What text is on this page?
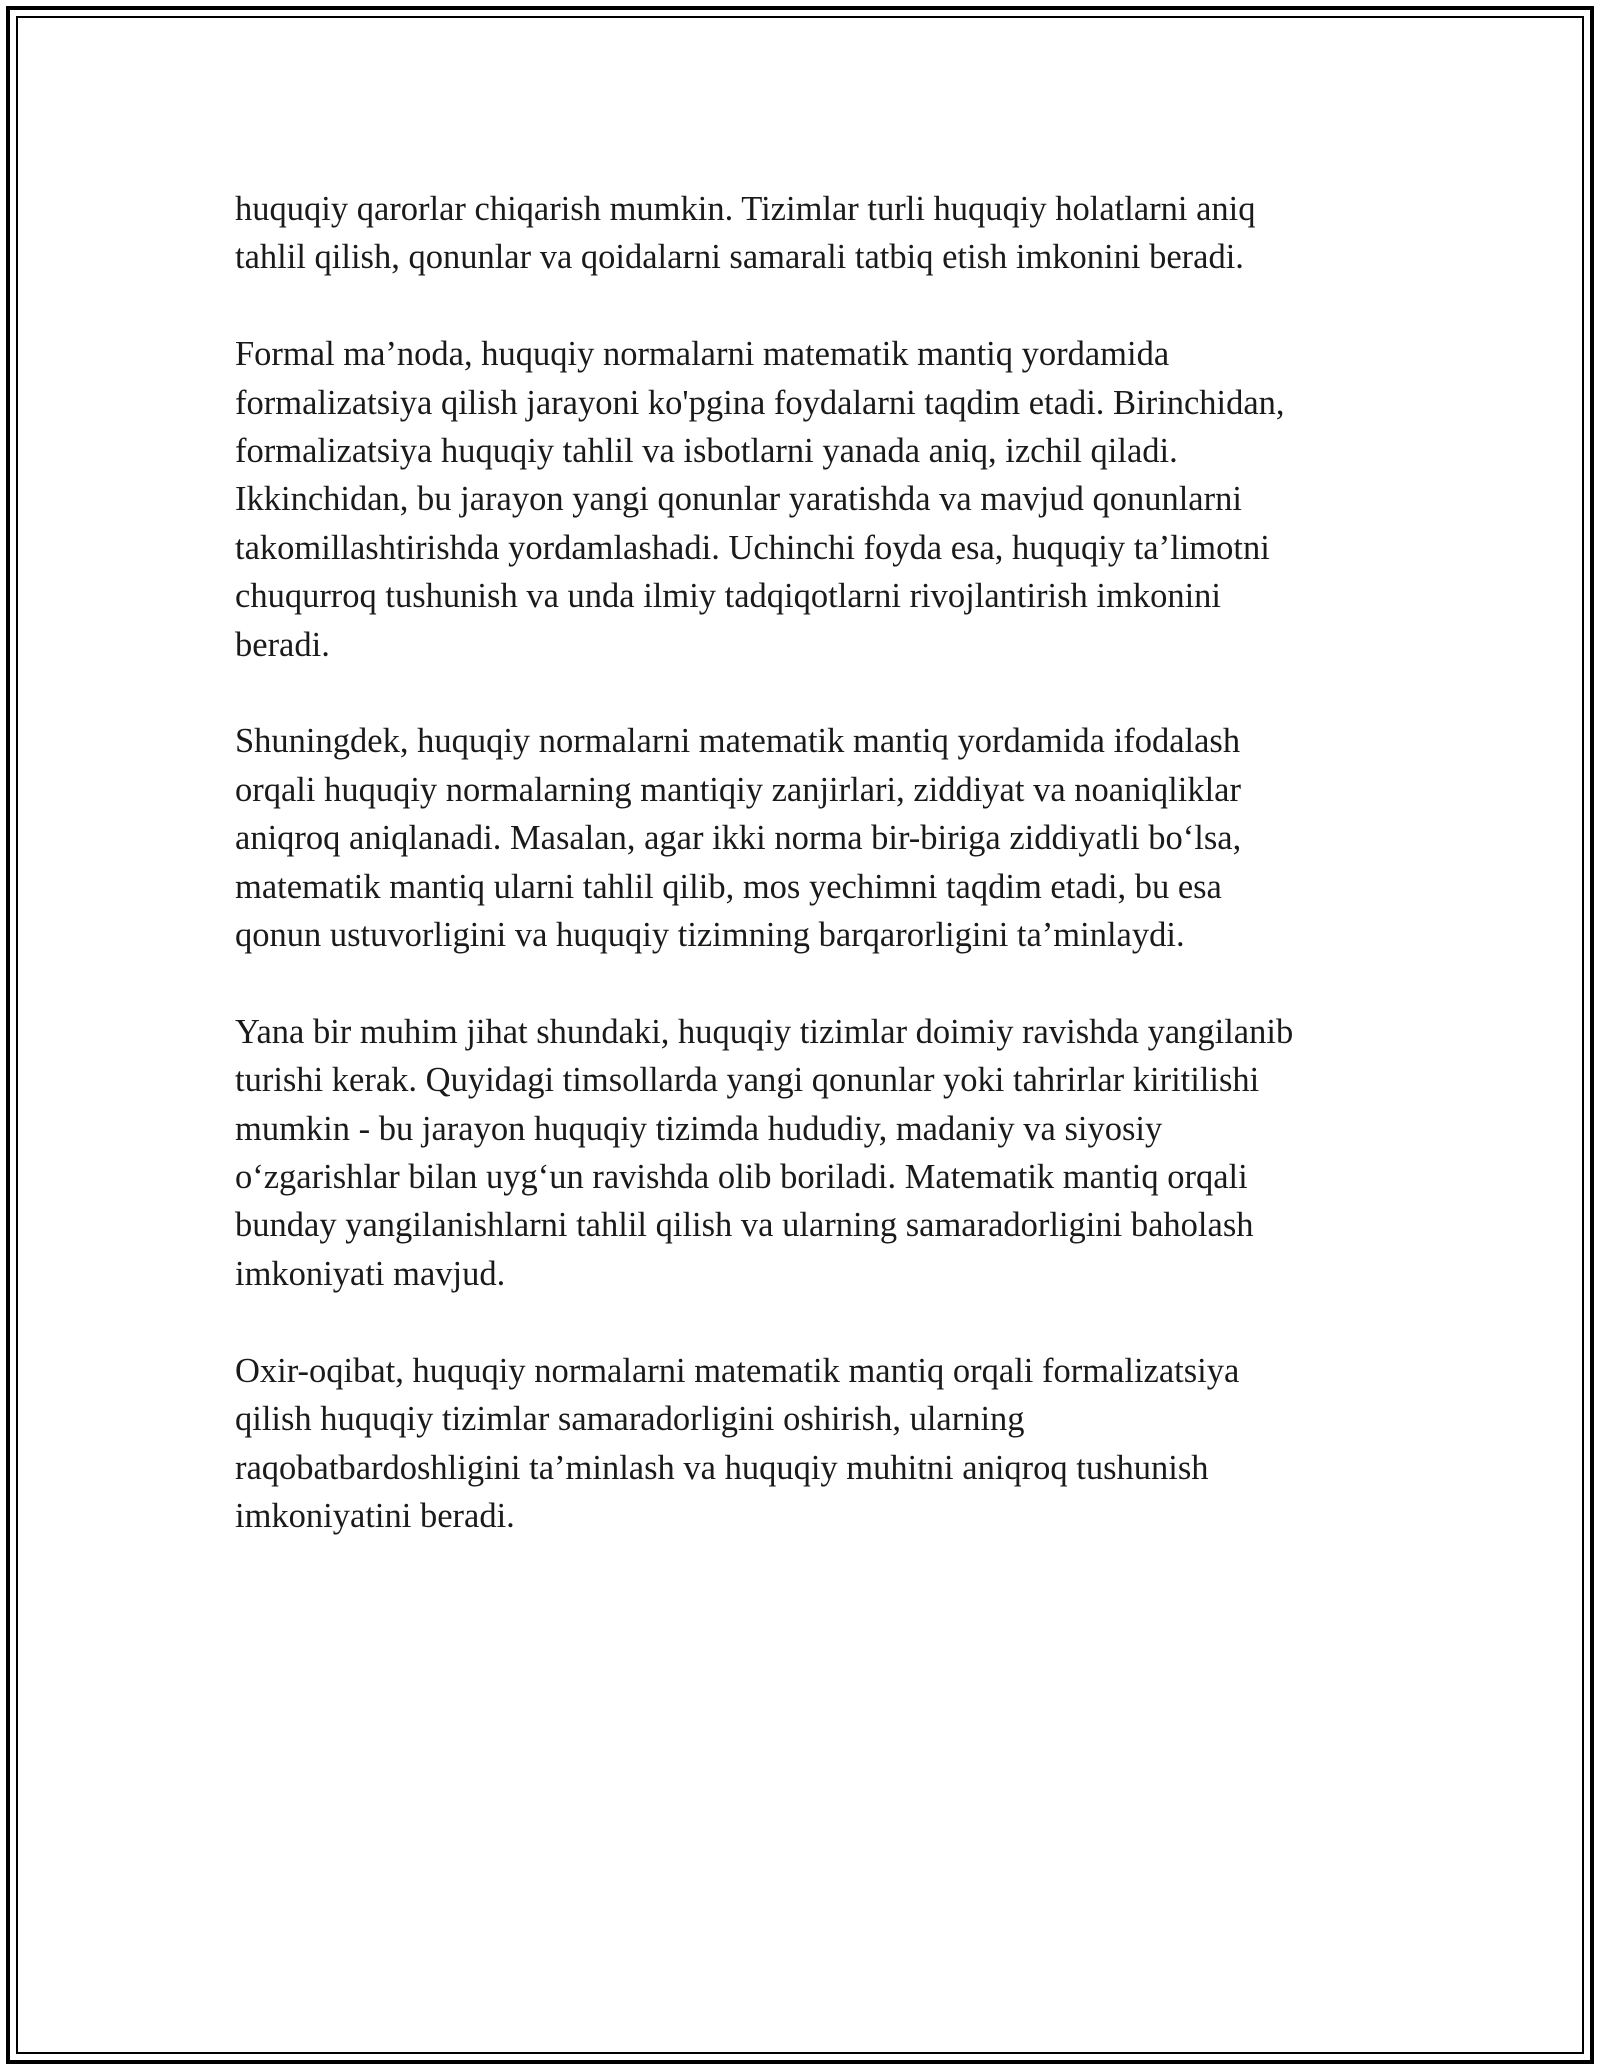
huquqiy qarorlar chiqarish mumkin. Tizimlar turli huquqiy holatlarni aniq
tahlil qilish, qonunlar va qoidalarni samarali tatbiq etish imkonini beradi.

Formal ma’noda, huquqiy normalarni matematik mantiq yordamida
formalizatsiya qilish jarayoni ko'pgina foydalarni taqdim etadi. Birinchidan,
formalizatsiya huquqiy tahlil va isbotlarni yanada aniq, izchil qiladi.
Ikkinchidan, bu jarayon yangi qonunlar yaratishda va mavjud qonunlarni
takomillashtirishda yordamlashadi. Uchinchi foyda esa, huquqiy ta’limotni
chuqurroq tushunish va unda ilmiy tadqiqotlarni rivojlantirish imkonini
beradi.

Shuningdek, huquqiy normalarni matematik mantiq yordamida ifodalash
orqali huquqiy normalarning mantiqiy zanjirlari, ziddiyat va noaniqliklar
aniqroq aniqlanadi. Masalan, agar ikki norma bir-biriga ziddiyatli bo‘lsa,
matematik mantiq ularni tahlil qilib, mos yechimni taqdim etadi, bu esa
qonun ustuvorligini va huquqiy tizimning barqarorligini ta’minlaydi.

Yana bir muhim jihat shundaki, huquqiy tizimlar doimiy ravishda yangilanib
turishi kerak. Quyidagi timsollarda yangi qonunlar yoki tahrirlar kiritilishi
mumkin - bu jarayon huquqiy tizimda hududiy, madaniy va siyosiy
o‘zgarishlar bilan uyg‘un ravishda olib boriladi. Matematik mantiq orqali
bunday yangilanishlarni tahlil qilish va ularning samaradorligini baholash
imkoniyati mavjud.

Oxir-oqibat, huquqiy normalarni matematik mantiq orqali formalizatsiya
qilish huquqiy tizimlar samaradorligini oshirish, ularning
raqobatbardoshligini ta’minlash va huquqiy muhitni aniqroq tushunish
imkoniyatini beradi.
